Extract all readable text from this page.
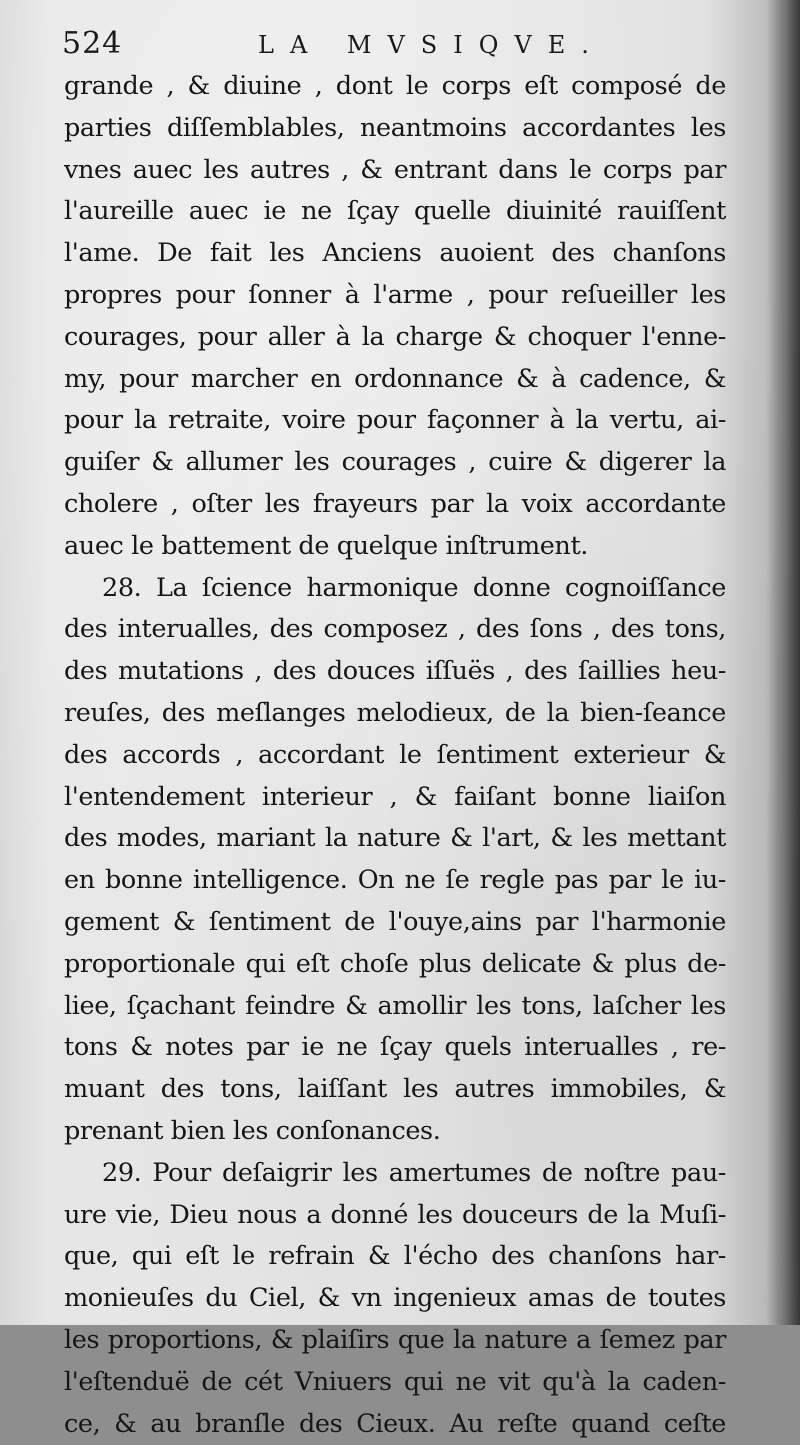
524	LA MVSIQVE.
grande , & diuine , dont le corps eſt composé de
parties diſſemblables, neantmoins accordantes les
vnes auec les autres , & entrant dans le corps par
l'aureille auec ie ne ſçay quelle diuinité rauiſſent
l'ame. De fait les Anciens auoient des chanſons
propres pour ſonner à l'arme , pour reſueiller les
courages, pour aller à la charge & choquer l'enne-
my, pour marcher en ordonnance & à cadence, &
pour la retraite, voire pour façonner à la vertu, ai-
guiſer & allumer les courages , cuire & digerer la
cholere , oſter les frayeurs par la voix accordante
auec le battement de quelque inſtrument.
28. La ſcience harmonique donne cognoiſſance
des interualles, des composez , des ſons , des tons,
des mutations , des douces iſſuës , des ſaillies heu-
reuſes, des meſlanges melodieux, de la bien-ſeance
des accords , accordant le ſentiment exterieur &
l'entendement interieur , & faiſant bonne liaiſon
des modes, mariant la nature & l'art, & les mettant
en bonne intelligence. On ne ſe regle pas par le iu-
gement & ſentiment de l'ouye,ains par l'harmonie
proportionale qui eſt choſe plus delicate & plus de-
liee, ſçachant feindre & amollir les tons, laſcher les
tons & notes par ie ne ſçay quels interualles , re-
muant des tons, laiſſant les autres immobiles, &
prenant bien les conſonances.
29. Pour deſaigrir les amertumes de noſtre pau-
ure vie, Dieu nous a donné les douceurs de la Muſi-
que, qui eſt le refrain & l'écho des chanſons har-
monieuſes du Ciel, & vn ingenieux amas de toutes
les proportions, & plaiſirs que la nature a ſemez par
l'eſtenduë de cét Vniuers qui ne vit qu'à la caden-
ce, & au branſle des Cieux. Au reſte quand ceſte
